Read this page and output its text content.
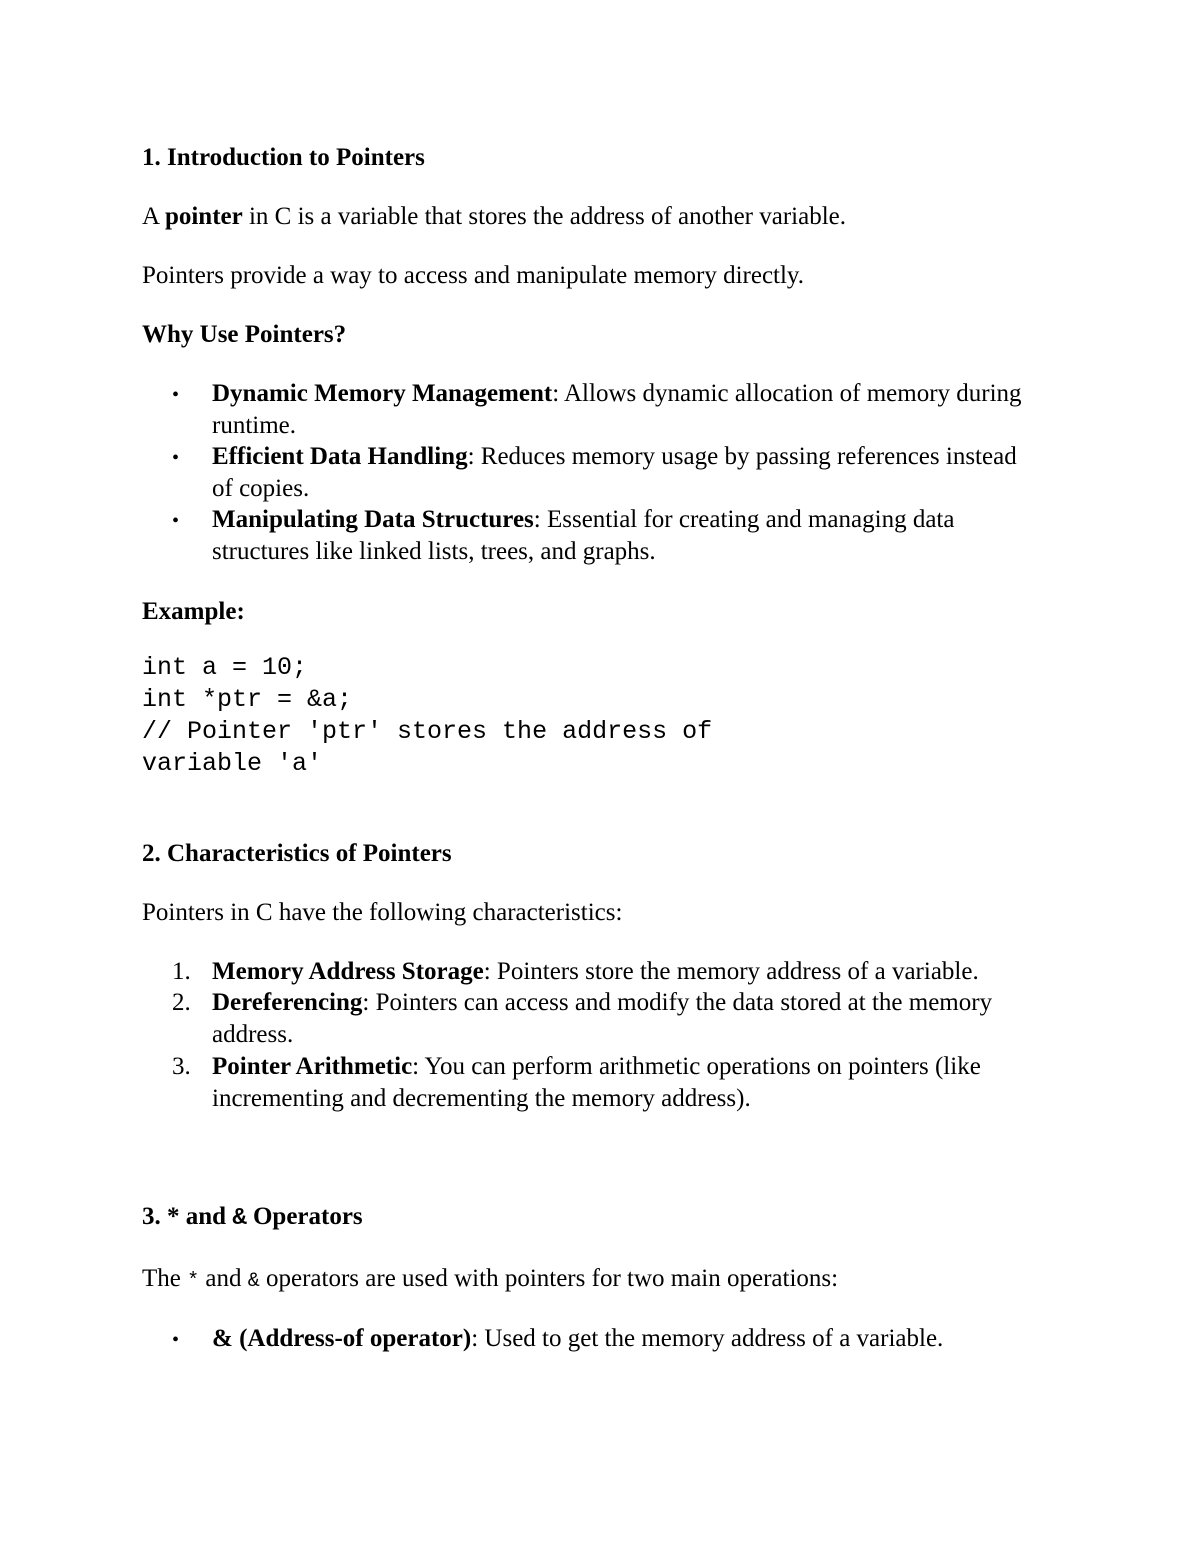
1. Introduction to Pointers

A pointer in C is a variable that stores the address of another variable.

Pointers provide a way to access and manipulate memory directly.

Why Use Pointers?

• Dynamic Memory Management: Allows dynamic allocation of memory during runtime.

• Efficient Data Handling: Reduces memory usage by passing references instead of copies.

• Manipulating Data Structures: Essential for creating and managing data structures like linked lists, trees, and graphs.

Example:

int a = 10;

int *ptr = &a;

// Pointer 'ptr' stores the address of

variable 'a'

2. Characteristics of Pointers

Pointers in C have the following characteristics:

1. Memory Address Storage: Pointers store the memory address of a variable.

2. Dereferencing: Pointers can access and modify the data stored at the memory address.

3. Pointer Arithmetic: You can perform arithmetic operations on pointers (like incrementing and decrementing the memory address).

3. * and & Operators

The * and & operators are used with pointers for two main operations:

• & (Address-of operator): Used to get the memory address of a variable.
